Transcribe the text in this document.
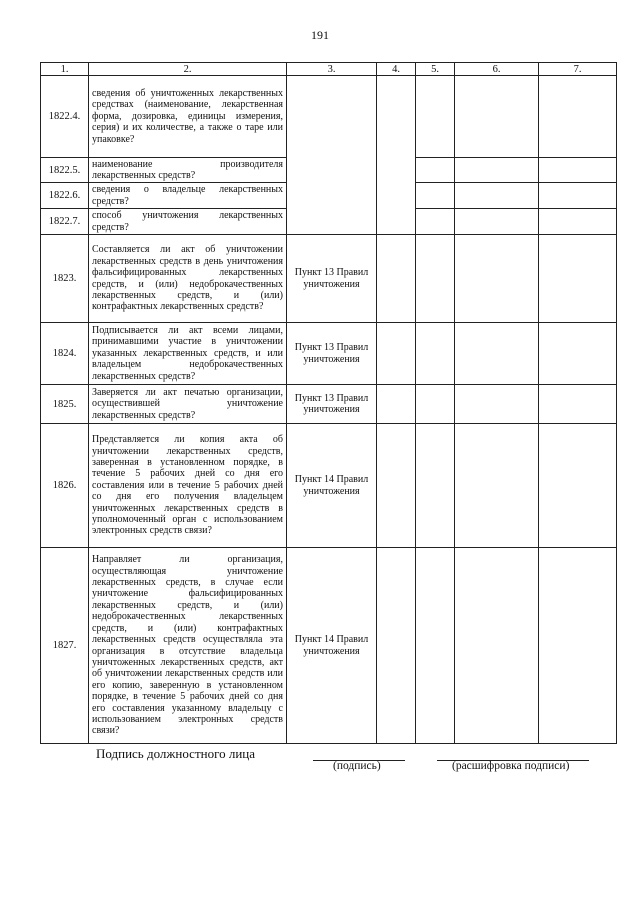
191
1.	2.	3.	4.	5.	6.	7.
1822.4.	сведения об уничтоженных лекарственных средствах (наименование, лекарственная форма, дозировка, единицы измерения, серия) и их количестве, а также о таре или упаковке?					
1822.5.	наименование производителя лекарственных средств?					
1822.6.	сведения о владельце лекарственных средств?					
1822.7.	способ уничтожения лекарственных средств?					
1823.	Составляется ли акт об уничтожении лекарственных средств в день уничтожения фальсифицированных лекарственных средств, и (или) недоброкачественных лекарственных средств, и (или) контрафактных лекарственных средств?	Пункт 13 Правил уничтожения				
1824.	Подписывается ли акт всеми лицами, принимавшими участие в уничтожении указанных лекарственных средств, и или владельцем недоброкачественных лекарственных средств?	Пункт 13 Правил уничтожения				
1825.	Заверяется ли акт печатью организации, осуществившей уничтожение лекарственных средств?	Пункт 13 Правил уничтожения				
1826.	Представляется ли копия акта об уничтожении лекарственных средств, заверенная в установленном порядке, в течение 5 рабочих дней со дня его составления или в течение 5 рабочих дней со дня его получения владельцем уничтоженных лекарственных средств в уполномоченный орган с использованием электронных средств связи?	Пункт 14 Правил уничтожения				
1827.	Направляет ли организация, осуществляющая уничтожение лекарственных средств, в случае если уничтожение фальсифицированных лекарственных средств, и (или) недоброкачественных лекарственных средств, и (или) контрафактных лекарственных средств осуществляла эта организация в отсутствие владельца уничтоженных лекарственных средств, акт об уничтожении лекарственных средств или его копию, заверенную в установленном порядке, в течение 5 рабочих дней со дня его составления указанному владельцу с использованием электронных средств связи?	Пункт 14 Правил уничтожения				
Подпись должностного лица
(подпись)	(расшифровка подписи)
